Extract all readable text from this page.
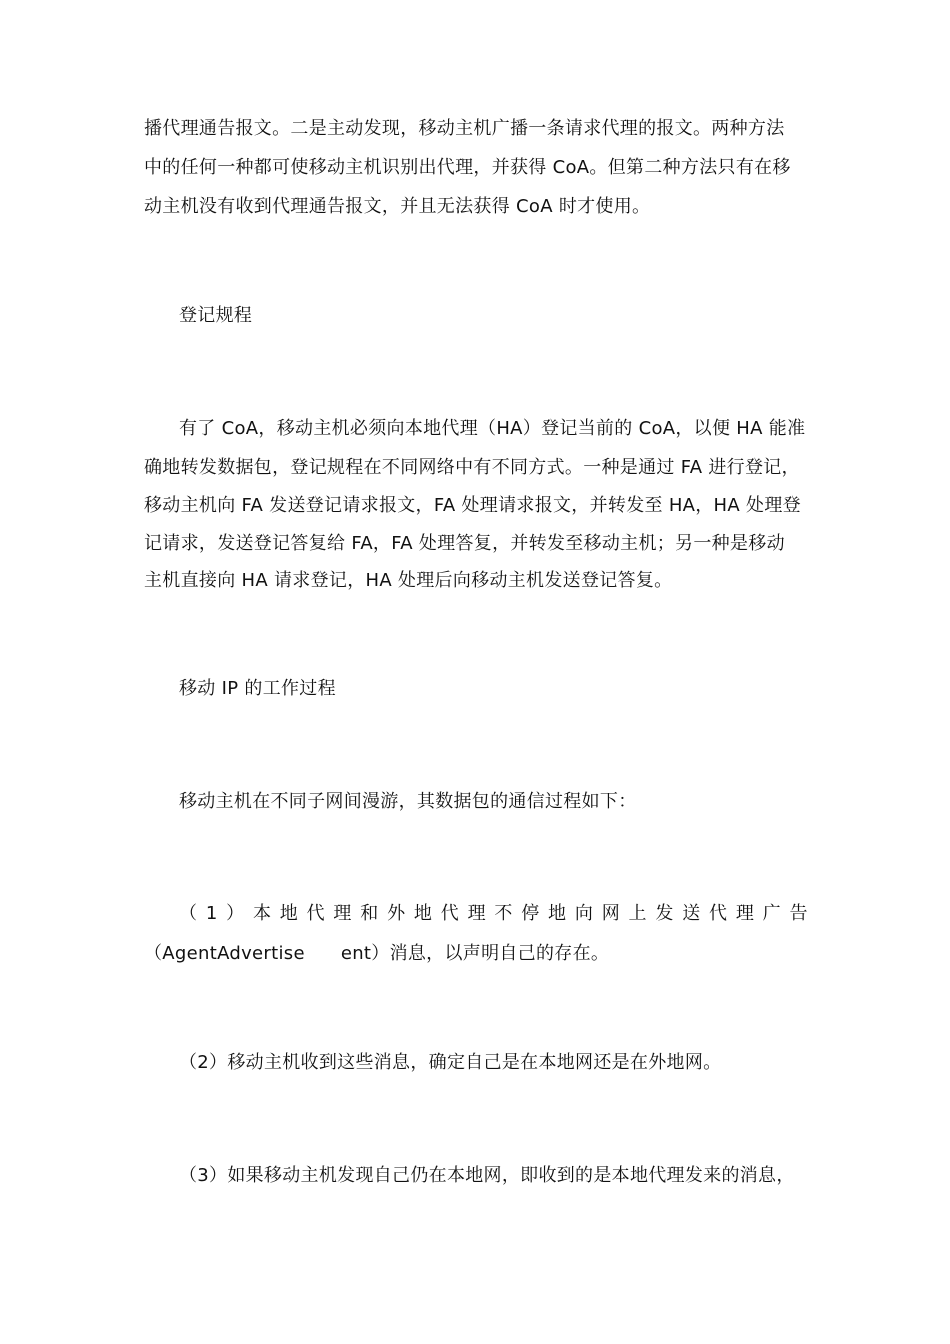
播代理通告报文。二是主动发现，移动主机广播一条请求代理的报文。两种方法
中的任何一种都可使移动主机识别出代理，并获得 CoA。但第二种方法只有在移
动主机没有收到代理通告报文，并且无法获得 CoA 时才使用。
登记规程
有了 CoA，移动主机必须向本地代理（HA）登记当前的 CoA，以便 HA 能准
确地转发数据包，登记规程在不同网络中有不同方式。一种是通过 FA 进行登记，
移动主机向 FA 发送登记请求报文，FA 处理请求报文，并转发至 HA，HA 处理登
记请求，发送登记答复给 FA，FA 处理答复，并转发至移动主机；另一种是移动
主机直接向 HA 请求登记，HA 处理后向移动主机发送登记答复。
移动 IP 的工作过程
移动主机在不同子网间漫游，其数据包的通信过程如下：
（ 1 ） 本 地 代 理 和 外 地 代 理 不 停 地 向 网 上 发 送 代 理 广 告
（AgentAdvertise ent）消息，以声明自己的存在。
（2）移动主机收到这些消息，确定自己是在本地网还是在外地网。
（3）如果移动主机发现自己仍在本地网，即收到的是本地代理发来的消息，
